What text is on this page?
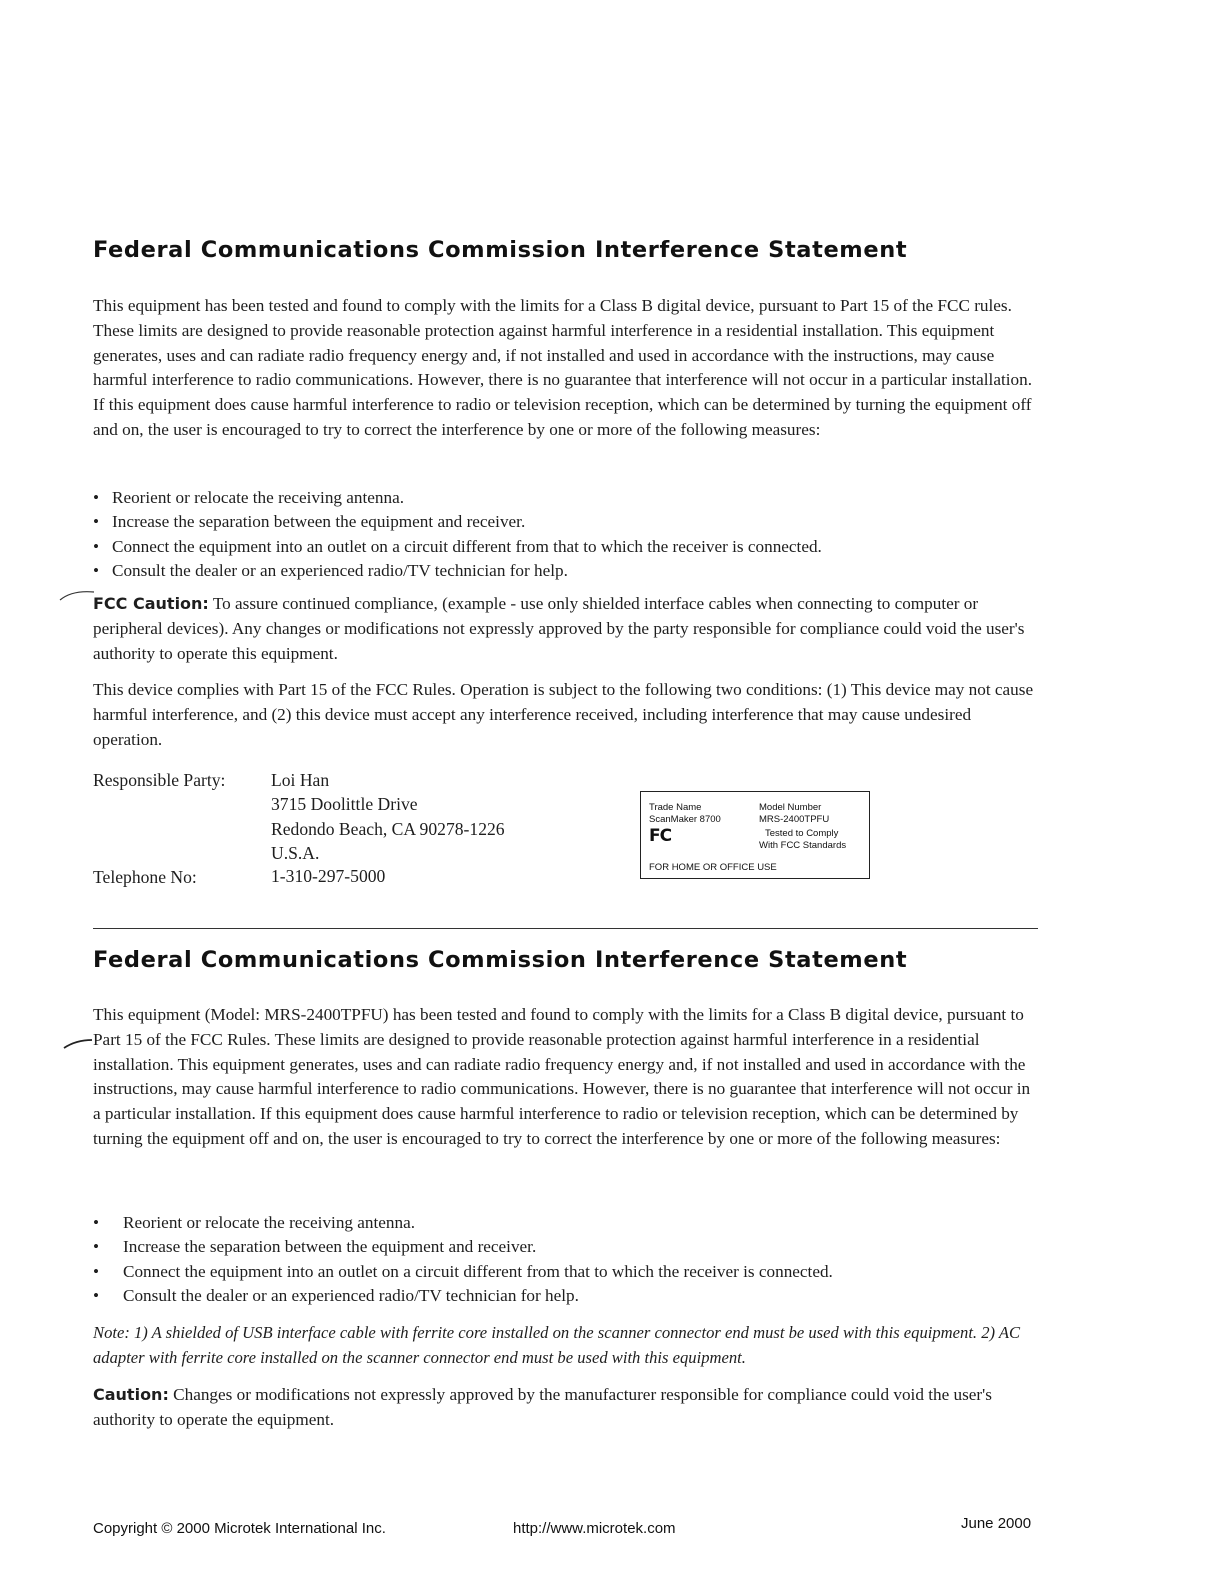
Federal Communications Commission Interference Statement

This equipment has been tested and found to comply with the limits for a Class B digital device, pursuant to Part 15 of the FCC rules. These limits are designed to provide reasonable protection against harmful interference in a residential installation. This equipment generates, uses and can radiate radio frequency energy and, if not installed and used in accordance with the instructions, may cause harmful interference to radio communications. However, there is no guarantee that interference will not occur in a particular installation. If this equipment does cause harmful interference to radio or television reception, which can be determined by turning the equipment off and on, the user is encouraged to try to correct the interference by one or more of the following measures:

• Reorient or relocate the receiving antenna.
• Increase the separation between the equipment and receiver.
• Connect the equipment into an outlet on a circuit different from that to which the receiver is connected.
• Consult the dealer or an experienced radio/TV technician for help.

FCC Caution: To assure continued compliance, (example - use only shielded interface cables when connecting to computer or peripheral devices). Any changes or modifications not expressly approved by the party responsible for compliance could void the user's authority to operate this equipment.

This device complies with Part 15 of the FCC Rules. Operation is subject to the following two conditions: (1) This device may not cause harmful interference, and (2) this device must accept any interference received, including interference that may cause undesired operation.

Responsible Party:	Loi Han
3715 Doolittle Drive
Redondo Beach, CA 90278-1226
U.S.A.
Telephone No:	1-310-297-5000
Trade Name
ScanMaker 8700
Model Number
MRS-2400TPFU
FC	Tested to Comply
With FCC Standards
FOR HOME OR OFFICE USE
Federal Communications Commission Interference Statement

This equipment (Model: MRS-2400TPFU) has been tested and found to comply with the limits for a Class B digital device, pursuant to Part 15 of the FCC Rules. These limits are designed to provide reasonable protection against harmful interference in a residential installation. This equipment generates, uses and can radiate radio frequency energy and, if not installed and used in accordance with the instructions, may cause harmful interference to radio communications. However, there is no guarantee that interference will not occur in a particular installation. If this equipment does cause harmful interference to radio or television reception, which can be determined by turning the equipment off and on, the user is encouraged to try to correct the interference by one or more of the following measures:

• Reorient or relocate the receiving antenna.
• Increase the separation between the equipment and receiver.
• Connect the equipment into an outlet on a circuit different from that to which the receiver is connected.
• Consult the dealer or an experienced radio/TV technician for help.

Note: 1) A shielded of USB interface cable with ferrite core installed on the scanner connector end must be used with this equipment. 2) AC adapter with ferrite core installed on the scanner connector end must be used with this equipment.

Caution: Changes or modifications not expressly approved by the manufacturer responsible for compliance could void the user's authority to operate the equipment.

Copyright © 2000 Microtek International Inc.	http://www.microtek.com	June 2000
